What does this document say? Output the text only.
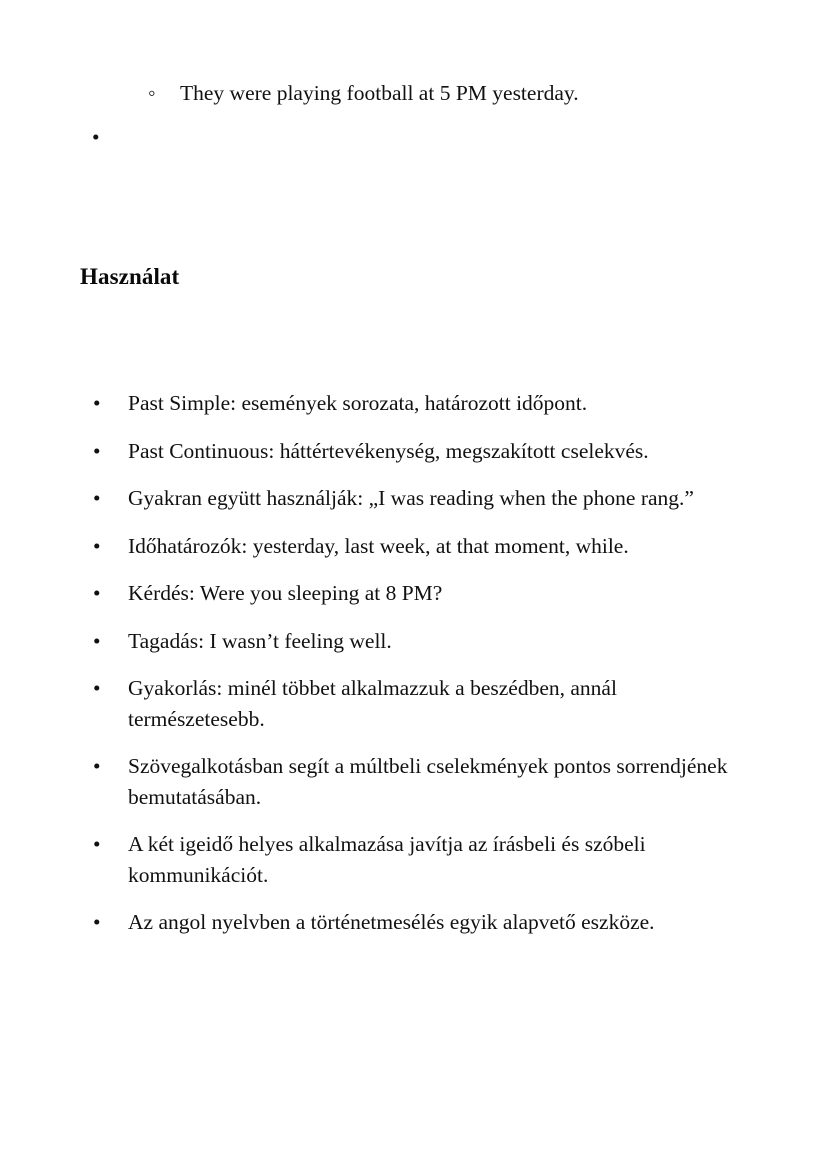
◦ They were playing football at 5 PM yesterday.
•
Használat
• Past Simple: események sorozata, határozott időpont.
• Past Continuous: háttértevékenység, megszakított cselekvés.
• Gyakran együtt használják: „I was reading when the phone rang.”
• Időhatározók: yesterday, last week, at that moment, while.
• Kérdés: Were you sleeping at 8 PM?
• Tagadás: I wasn’t feeling well.
• Gyakorlás: minél többet alkalmazzuk a beszédben, annál természetesebb.
• Szövegalkotásban segít a múltbeli cselekmények pontos sorrendjének bemutatásában.
• A két igeidő helyes alkalmazása javítja az írásbeli és szóbeli kommunikációt.
• Az angol nyelvben a történetmesélés egyik alapvető eszköze.
